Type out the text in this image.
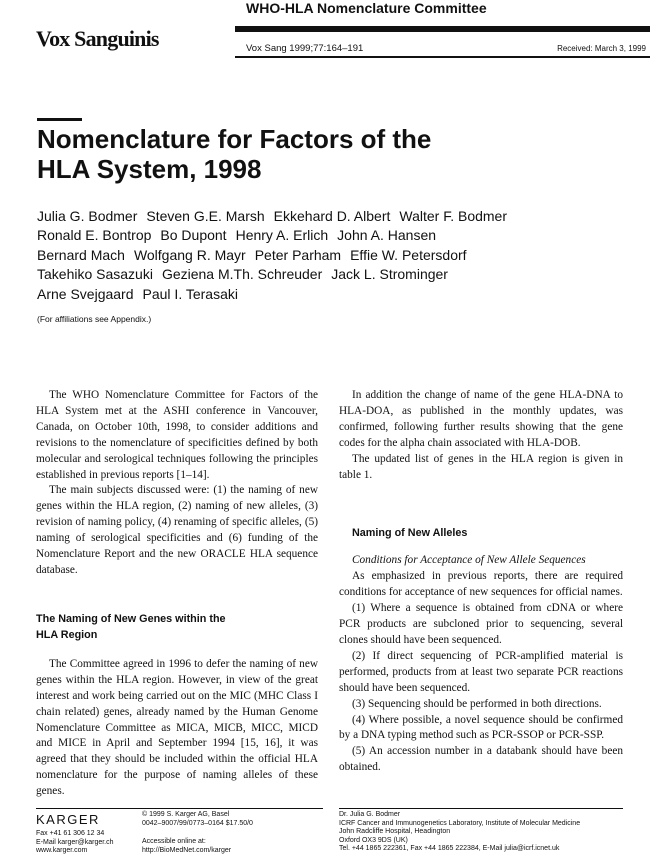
WHO-HLA Nomenclature Committee
Vox Sanguinis	Vox Sang 1999;77:164–191	Received: March 3, 1999
Nomenclature for Factors of the
HLA System, 1998
Julia G. Bodmer Steven G.E. Marsh Ekkehard D. Albert Walter F. Bodmer
Ronald E. Bontrop Bo Dupont Henry A. Erlich John A. Hansen
Bernard Mach Wolfgang R. Mayr Peter Parham Effie W. Petersdorf
Takehiko Sasazuki Geziena M.Th. Schreuder Jack L. Strominger
Arne Svejgaard Paul I. Terasaki
(For affiliations see Appendix.)

The WHO Nomenclature Committee for Factors of the HLA System met at the ASHI conference in Vancouver, Canada, on October 10th, 1998, to consider additions and revisions to the nomenclature of specificities defined by both molecular and serological techniques following the principles established in previous reports [1–14].

The main subjects discussed were: (1) the naming of new genes within the HLA region, (2) naming of new alleles, (3) revision of naming policy, (4) renaming of specific alleles, (5) naming of serological specificities and (6) funding of the Nomenclature Report and the new ORACLE HLA sequence database.

The Naming of New Genes within the
HLA Region

The Committee agreed in 1996 to defer the naming of new genes within the HLA region. However, in view of the great interest and work being carried out on the MIC (MHC Class I chain related) genes, already named by the Human Genome Nomenclature Committee as MICA, MICB, MICC, MICD and MICE in April and September 1994 [15, 16], it was agreed that they should be included within the official HLA nomenclature for the purpose of naming alleles of these genes.

In addition the change of name of the gene HLA-DNA to HLA-DOA, as published in the monthly updates, was confirmed, following further results showing that the gene codes for the alpha chain associated with HLA-DOB.

The updated list of genes in the HLA region is given in table 1.

Naming of New Alleles
Conditions for Acceptance of New Allele Sequences

As emphasized in previous reports, there are required conditions for acceptance of new sequences for official names.

(1) Where a sequence is obtained from cDNA or where PCR products are subcloned prior to sequencing, several clones should have been sequenced.

(2) If direct sequencing of PCR-amplified material is performed, products from at least two separate PCR reactions should have been sequenced.

(3) Sequencing should be performed in both directions.

(4) Where possible, a novel sequence should be confirmed by a DNA typing method such as PCR-SSOP or PCR-SSP.

(5) An accession number in a databank should have been obtained.

KARGER
Fax +41 61 306 12 34
E-Mail karger@karger.ch
www.karger.com
© 1999 S. Karger AG, Basel
0042–9007/99/0773–0164 $17.50/0
Accessible online at:
http://BioMedNet.com/karger
Dr. Julia G. Bodmer
ICRF Cancer and Immunogenetics Laboratory, Institute of Molecular Medicine
John Radcliffe Hospital, Headington
Oxford OX3 9DS (UK)
Tel. +44 1865 222361, Fax +44 1865 222384, E-Mail julia@icrf.icnet.uk
